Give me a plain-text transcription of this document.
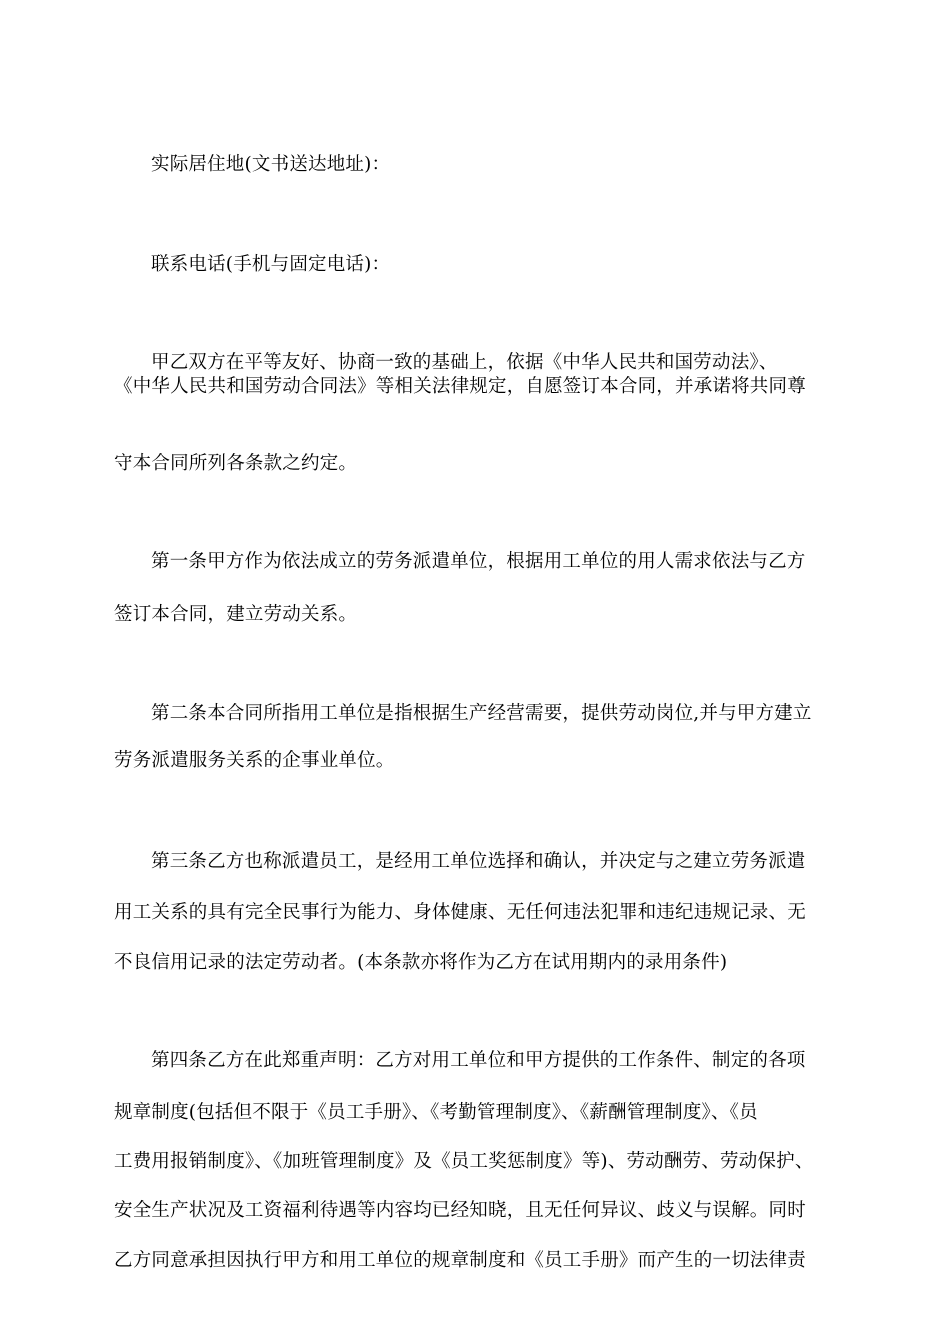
实际居住地(文书送达地址)：
联系电话(手机与固定电话)：
甲乙双方在平等友好、协商一致的基础上，依据《中华人民共和国劳动法》、
《中华人民共和国劳动合同法》等相关法律规定，自愿签订本合同，并承诺将共同尊
守本合同所列各条款之约定。
第一条甲方作为依法成立的劳务派遣单位，根据用工单位的用人需求依法与乙方
签订本合同，建立劳动关系。
第二条本合同所指用工单位是指根据生产经营需要，提供劳动岗位,并与甲方建立
劳务派遣服务关系的企事业单位。
第三条乙方也称派遣员工，是经用工单位选择和确认，并决定与之建立劳务派遣
用工关系的具有完全民事行为能力、身体健康、无任何违法犯罪和违纪违规记录、无
不良信用记录的法定劳动者。(本条款亦将作为乙方在试用期内的录用条件)
第四条乙方在此郑重声明：乙方对用工单位和甲方提供的工作条件、制定的各项
规章制度(包括但不限于《员工手册》、《考勤管理制度》、《薪酬管理制度》、《员
工费用报销制度》、《加班管理制度》及《员工奖惩制度》等)、劳动酬劳、劳动保护、
安全生产状况及工资福利待遇等内容均已经知晓，且无任何异议、歧义与误解。同时
乙方同意承担因执行甲方和用工单位的规章制度和《员工手册》而产生的一切法律责
